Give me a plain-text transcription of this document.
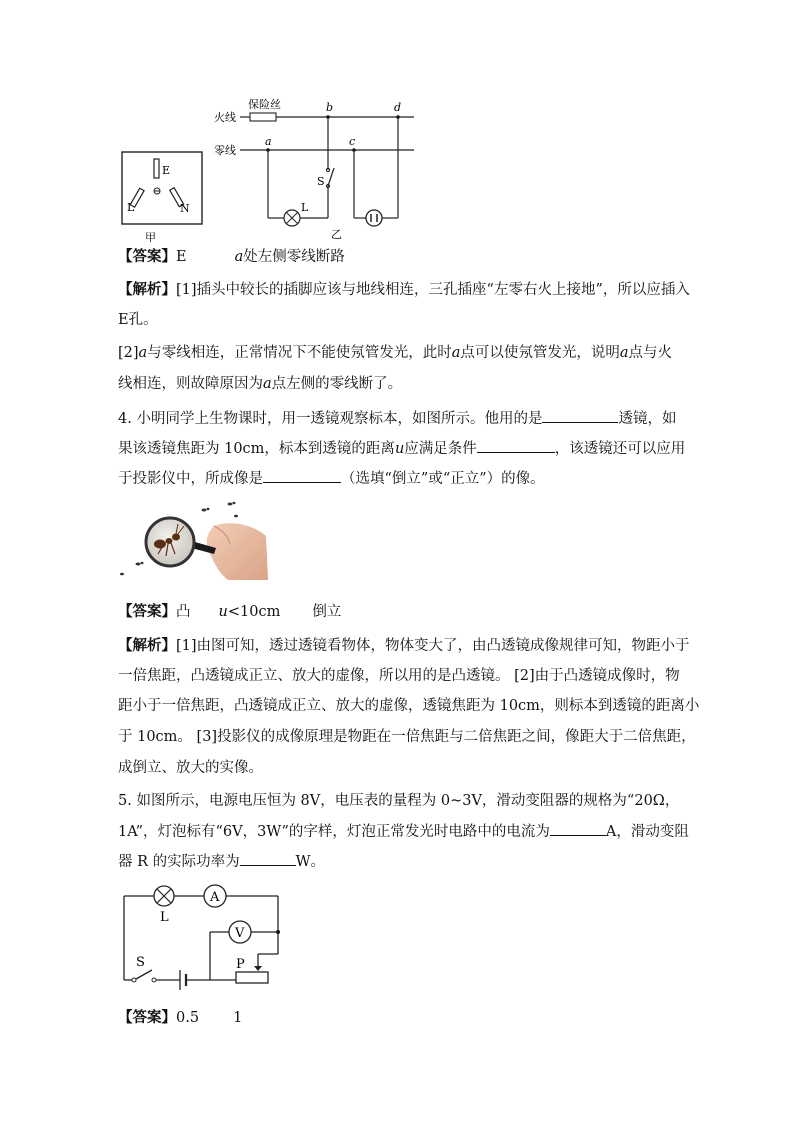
E
L	N
甲
火线
零线
保险丝
a
b
c
d
L
S
乙
【答案】E	a处左侧零线断路
【解析】[1]插头中较长的插脚应该与地线相连，三孔插座“左零右火上接地”，所以应插入
E孔。
[2]a与零线相连，正常情况下不能使氖管发光，此时a点可以使氖管发光，说明a点与火
线相连，则故障原因为a点左侧的零线断了。
4. 小明同学上生物课时，用一透镜观察标本，如图所示。他用的是	透镜，如
果该透镜焦距为 10cm，标本到透镜的距离u应满足条件	，该透镜还可以应用
于投影仪中，所成像是	（选填“倒立”或“正立”）的像。
【答案】凸 u<10cm 倒立
【解析】[1]由图可知，透过透镜看物体，物体变大了，由凸透镜成像规律可知，物距小于
一倍焦距，凸透镜成正立、放大的虚像，所以用的是凸透镜。 [2]由于凸透镜成像时，物
距小于一倍焦距，凸透镜成正立、放大的虚像，透镜焦距为 10cm，则标本到透镜的距离小
于 10cm。 [3]投影仪的成像原理是物距在一倍焦距与二倍焦距之间，像距大于二倍焦距，
成倒立、放大的实像。
5. 如图所示，电源电压恒为 8V，电压表的量程为 0~3V，滑动变阻器的规格为“20Ω，
1A”，灯泡标有“6V，3W”的字样，灯泡正常发光时电路中的电流为	A，滑动变阻
器 R 的实际功率为	W。
L
A
V
P
S
【答案】0.5 1
